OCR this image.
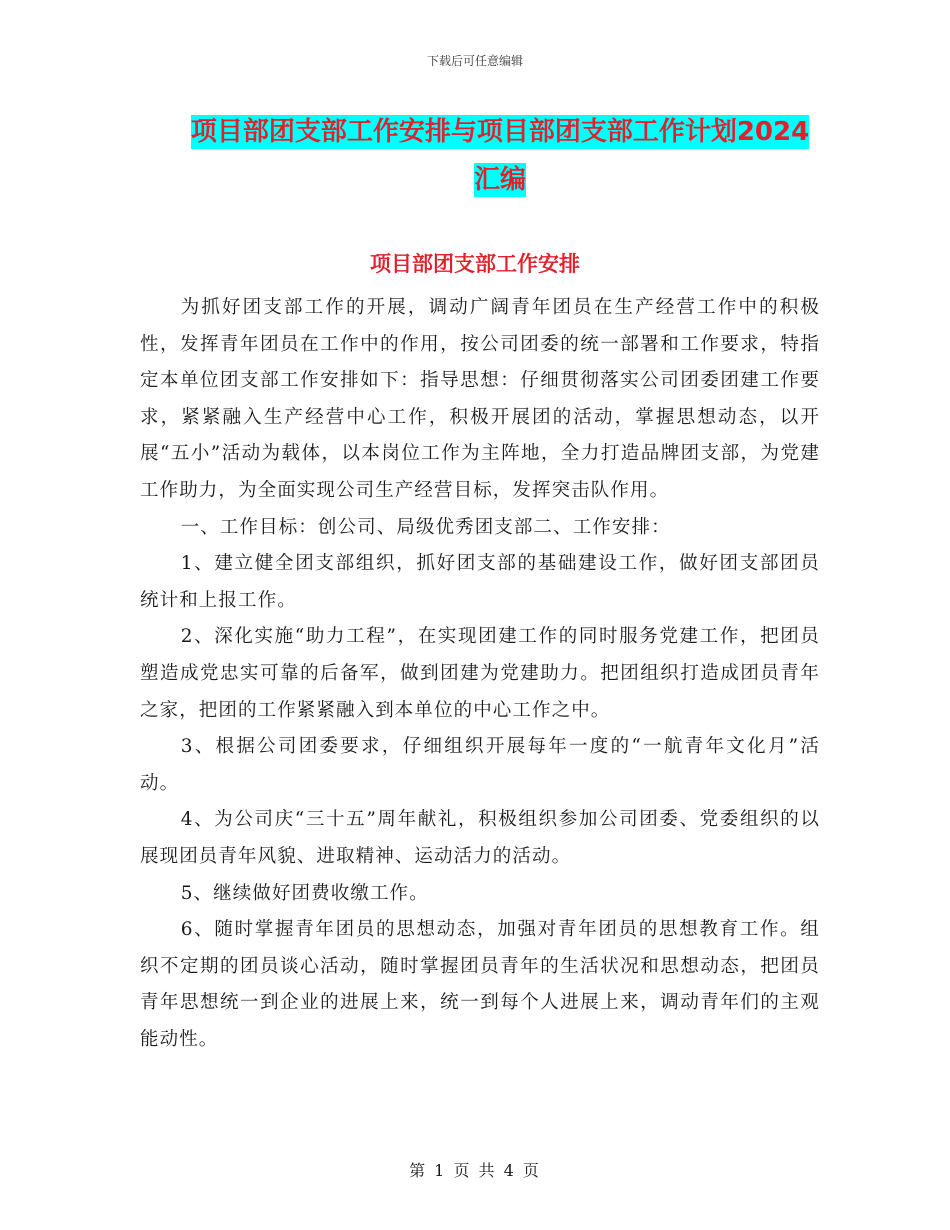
下载后可任意编辑
项目部团支部工作安排与项目部团支部工作计划2024
汇编
项目部团支部工作安排

为抓好团支部工作的开展，调动广阔青年团员在生产经营工作中的积极性，发挥青年团员在工作中的作用，按公司团委的统一部署和工作要求，特指定本单位团支部工作安排如下：指导思想：仔细贯彻落实公司团委团建工作要求，紧紧融入生产经营中心工作，积极开展团的活动，掌握思想动态，以开展“五小”活动为载体，以本岗位工作为主阵地，全力打造品牌团支部，为党建工作助力，为全面实现公司生产经营目标，发挥突击队作用。

一、工作目标：创公司、局级优秀团支部二、工作安排：

1、建立健全团支部组织，抓好团支部的基础建设工作，做好团支部团员统计和上报工作。

2、深化实施“助力工程”，在实现团建工作的同时服务党建工作，把团员塑造成党忠实可靠的后备军，做到团建为党建助力。把团组织打造成团员青年之家，把团的工作紧紧融入到本单位的中心工作之中。

3、根据公司团委要求，仔细组织开展每年一度的“一航青年文化月”活动。

4、为公司庆“三十五”周年献礼，积极组织参加公司团委、党委组织的以展现团员青年风貌、进取精神、运动活力的活动。

5、继续做好团费收缴工作。

6、随时掌握青年团员的思想动态，加强对青年团员的思想教育工作。组织不定期的团员谈心活动，随时掌握团员青年的生活状况和思想动态，把团员青年思想统一到企业的进展上来，统一到每个人进展上来，调动青年们的主观能动性。

第 1 页 共 4 页
